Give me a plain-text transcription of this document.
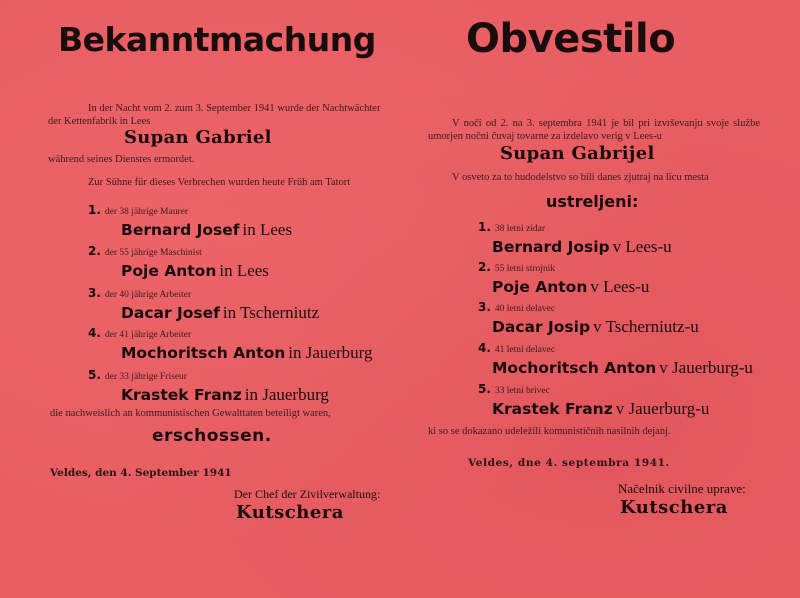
Bekanntmachung

In der Nacht vom 2. zum 3. September 1941 wurde der Nachtwächter der Kettenfabrik in Lees

Supan Gabriel

während seines Dienstes ermordet.

Zur Sühne für dieses Verbrechen wurden heute Früh am Tatort

1. der 38 jährige Maurer
Bernard Josef in Lees
2. der 55 jährige Maschinist
Poje Anton in Lees
3. der 40 jährige Arbeiter
Dacar Josef in Tscherniutz
4. der 41 jährige Arbeiter
Mochoritsch Anton in Jauerburg
5. der 33 jährige Friseur
Krastek Franz in Jauerburg

die nachweislich an kommunistischen Gewalttaten beteiligt waren,

erschossen.

Veldes, den 4. September 1941

Der Chef der Zivilverwaltung:

Kutschera

Obvestilo

V noči od 2. na 3. septembra 1941 je bil pri izvrševanju svoje službe umorjen nočni čuvaj tovarne za izdelavo verig v Lees-u

Supan Gabrijel

V osveto za to hudodelstvo so bili danes zjutraj na licu mesta

ustreljeni:

1. 38 letni zidar
Bernard Josip v Lees-u
2. 55 letni strojnik
Poje Anton v Lees-u
3. 40 letni delavec
Dacar Josip v Tscherniutz-u
4. 41 letni delavec
Mochoritsch Anton v Jauerburg-u
5. 33 letni brivec
Krastek Franz v Jauerburg-u

ki so se dokazano udeležili komunističnih nasilnih dejanj.

Veldes, dne 4. septembra 1941.

Načelnik civilne uprave:

Kutschera
